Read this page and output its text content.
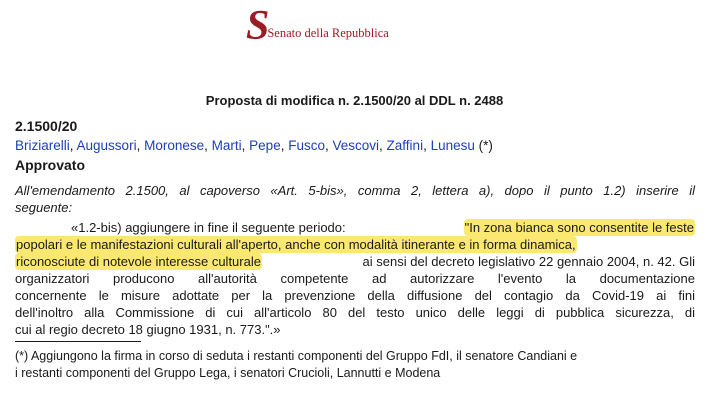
S
Senato della Repubblica
Proposta di modifica n. 2.1500/20 al DDL n. 2488
2.1500/20
Briziarelli, Augussori, Moronese, Marti, Pepe, Fusco, Vescovi, Zaffini, Lunesu (*)
Approvato
All'emendamento 2.1500, al capoverso «Art. 5-bis», comma 2, lettera a), dopo il punto 1.2) inserire il
seguente:
«1.2-bis) aggiungere in fine il seguente periodo:	"In zona bianca sono consentite le feste
popolari e le manifestazioni culturali all'aperto, anche con modalità itinerante e in forma dinamica,
riconosciute di notevole interesse culturale	ai sensi del decreto legislativo 22 gennaio 2004, n. 42. Gli
organizzatori producono all'autorità competente ad autorizzare l'evento la documentazione
concernente le misure adottate per la prevenzione della diffusione del contagio da Covid-19 ai fini
dell'inoltro alla Commissione di cui all'articolo 80 del testo unico delle leggi di pubblica sicurezza, di
cui al regio decreto 18 giugno 1931, n. 773.".»
(*) Aggiungono la firma in corso di seduta i restanti componenti del Gruppo FdI, il senatore Candiani e
i restanti componenti del Gruppo Lega, i senatori Crucioli, Lannutti e Modena
